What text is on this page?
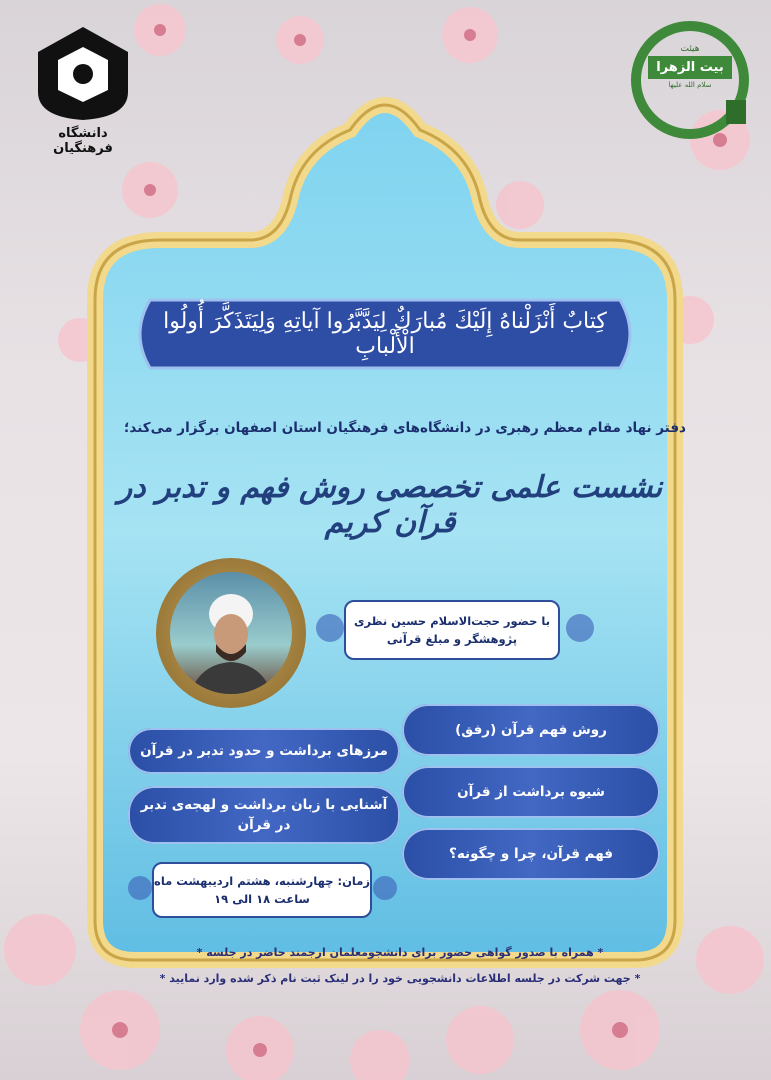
دانشگاه فرهنگیان
هیئت
بیت الزهرا
سلام الله علیها
كِتابٌ أَنْزَلْناهُ إِلَيْكَ مُبارَكٌ لِيَدَّبَّرُوا آياتِهِ وَلِيَتَذَكَّرَ أُولُوا الْأَلْبابِ
دفتر نهاد مقام معظم رهبری در دانشگاه‌های فرهنگیان استان اصفهان برگزار می‌کند؛
نشست علمی تخصصی روش فهم و تدبر در قرآن کریم
با حضور حجت‌الاسلام حسین نظری
پژوهشگر و مبلغ قرآنی
روش فهم قرآن (رفق)
شیوه برداشت از قرآن
فهم قرآن، چرا و چگونه؟
مرزهای برداشت و حدود تدبر در قرآن
آشنایی با زبان برداشت و لهجه‌ی تدبر در قرآن
زمان: چهارشنبه، هشتم اردیبهشت ماه
ساعت ۱۸ الی ۱۹
* همراه با صدور گواهی حضور برای دانشجومعلمان ارجمند حاضر در جلسه *
* جهت شرکت در جلسه اطلاعات دانشجویی خود را در لینک ثبت نام ذکر شده وارد نمایید *
